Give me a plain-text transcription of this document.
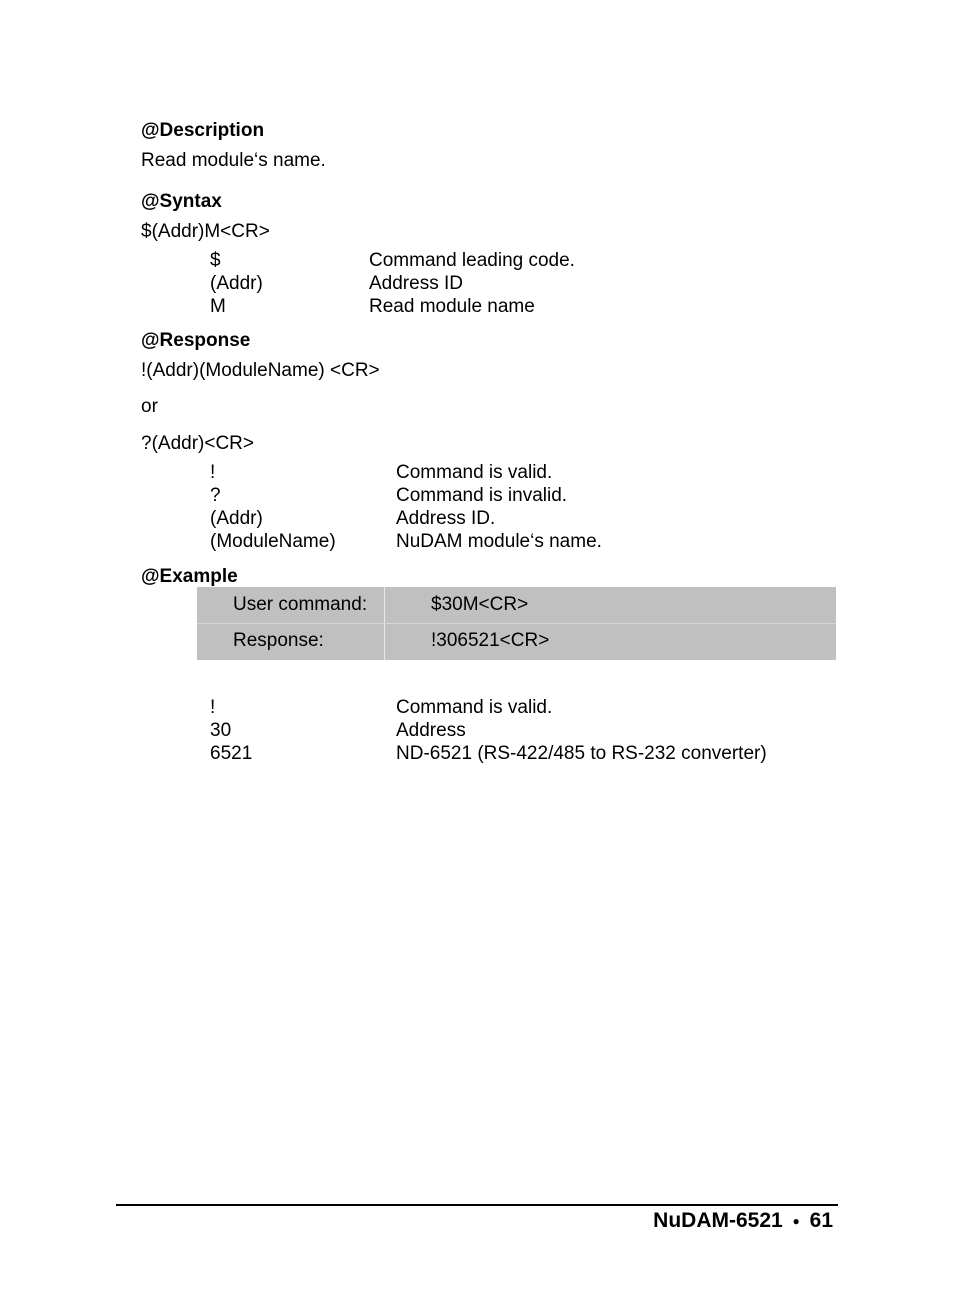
@Description
Read module‘s name.
@Syntax
$(Addr)M<CR>
$	Command leading code.
(Addr)	Address ID
M	Read module name
@Response
!(Addr)(ModuleName) <CR>
or
?(Addr)<CR>
!	Command is valid.
?	Command is invalid.
(Addr)	Address ID.
(ModuleName)	NuDAM module‘s name.
@Example
User command:	$30M<CR>
Response:	!306521<CR>
!	Command is valid.
30	Address
6521	ND-6521 (RS-422/485 to RS-232 converter)
NuDAM-6521 ● 61
